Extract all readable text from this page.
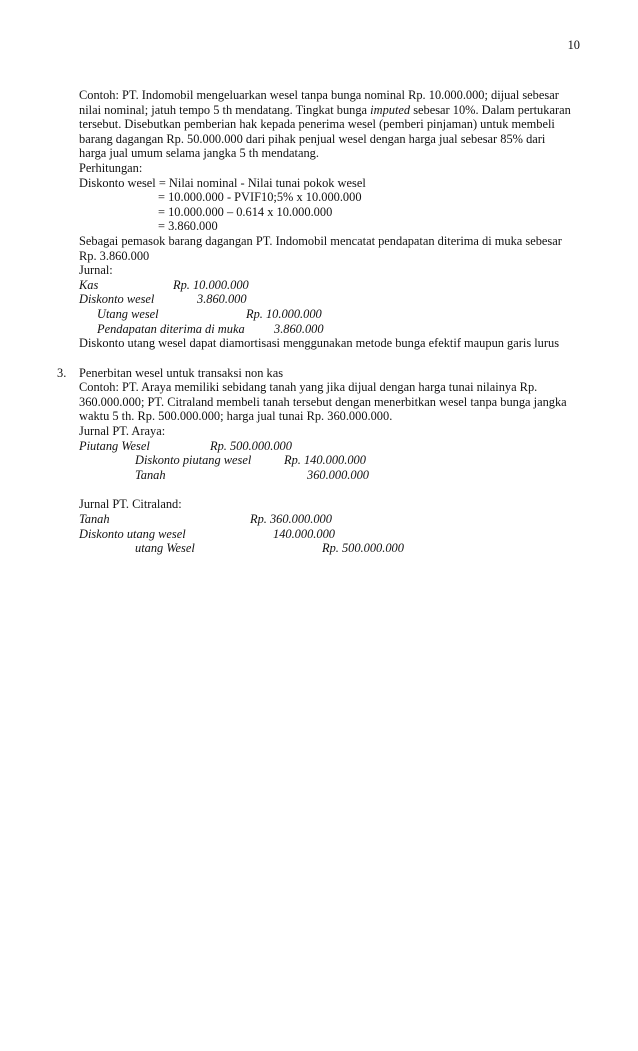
10
Contoh: PT. Indomobil mengeluarkan wesel tanpa bunga nominal Rp. 10.000.000; dijual sebesar
nilai nominal; jatuh tempo 5 th mendatang. Tingkat bunga imputed sebesar 10%. Dalam pertukaran
tersebut. Disebutkan pemberian hak kepada penerima wesel (pemberi pinjaman) untuk membeli
barang dagangan Rp. 50.000.000 dari pihak penjual wesel dengan harga jual sebesar 85% dari
harga jual umum selama jangka 5 th mendatang.
Perhitungan:
Diskonto wesel = Nilai nominal - Nilai tunai pokok wesel
= 10.000.000 - PVIF10;5% x 10.000.000
= 10.000.000 – 0.614 x 10.000.000
= 3.860.000
Sebagai pemasok barang dagangan PT. Indomobil mencatat pendapatan diterima di muka sebesar
Rp. 3.860.000
Jurnal:
Kas	Rp. 10.000.000
Diskonto wesel	3.860.000
Utang wesel	Rp. 10.000.000
Pendapatan diterima di muka 3.860.000
Diskonto utang wesel dapat diamortisasi menggunakan metode bunga efektif maupun garis lurus
3. Penerbitan wesel untuk transaksi non kas
Contoh: PT. Araya memiliki sebidang tanah yang jika dijual dengan harga tunai nilainya Rp.
360.000.000; PT. Citraland membeli tanah tersebut dengan menerbitkan wesel tanpa bunga jangka
waktu 5 th. Rp. 500.000.000; harga jual tunai Rp. 360.000.000.
Jurnal PT. Araya:
Piutang Wesel	Rp. 500.000.000
Diskonto piutang wesel	Rp. 140.000.000
Tanah	360.000.000
Jurnal PT. Citraland:
Tanah	Rp. 360.000.000
Diskonto utang wesel	140.000.000
utang Wesel	Rp. 500.000.000
